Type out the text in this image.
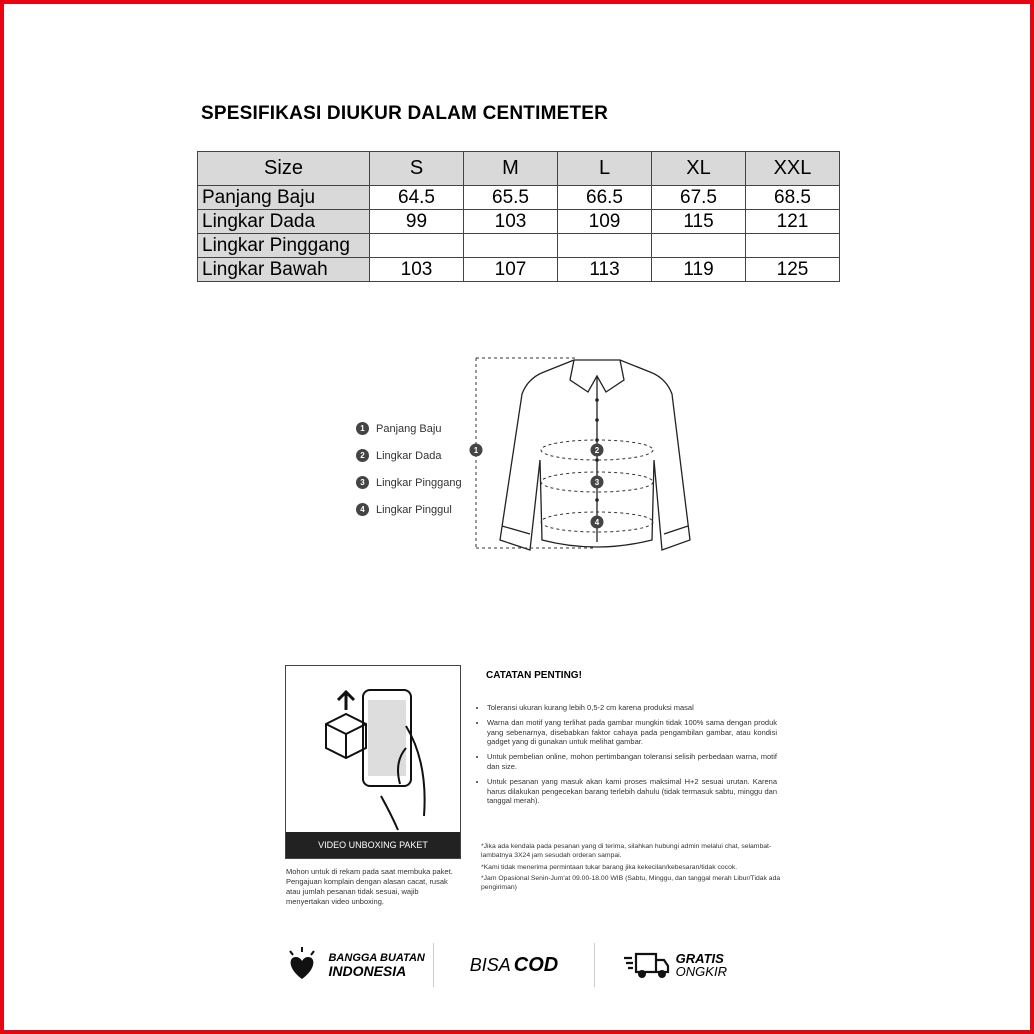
SPESIFIKASI DIUKUR DALAM CENTIMETER
Size	S	M	L	XL	XXL
Panjang Baju	64.5	65.5	66.5	67.5	68.5
Lingkar Dada	99	103	109	115	121
Lingkar Pinggang					
Lingkar Bawah	103	107	113	119	125
1	Panjang Baju
2	Lingkar Dada
3	Lingkar Pinggang
4	Lingkar Pinggul
1	2
3
4
VIDEO UNBOXING PAKET
Mohon untuk di rekam pada saat membuka paket. Pengajuan komplain dengan alasan cacat, rusak atau jumlah pesanan tidak sesuai, wajib menyertakan video unboxing.
CATATAN PENTING!
• Toleransi ukuran kurang lebih 0,5-2 cm karena produksi masal
• Warna dan motif yang terlihat pada gambar mungkin tidak 100% sama dengan produk yang sebenarnya, disebabkan faktor cahaya pada pengambilan gambar, atau kondisi gadget yang di gunakan untuk melihat gambar.
• Untuk pembelian online, mohon pertimbangan toleransi selisih perbedaan warna, motif dan size.
• Untuk pesanan yang masuk akan kami proses maksimal H+2 sesuai urutan. Karena harus dilakukan pengecekan barang terlebih dahulu (tidak termasuk sabtu, minggu dan tanggal merah).

*Jika ada kendala pada pesanan yang di terima, silahkan hubungi admin melalui chat, selambat-lambatnya 3X24 jam sesudah orderan sampai.

*Kami tidak menerima permintaan tukar barang jika kekecilan/kebesaran/tidak cocok.

*Jam Opasional Senin-Jum'at 09.00-18.00 WIB (Sabtu, Minggu, dan tanggal merah Libur/Tidak ada pengiriman)

BANGGA BUATAN
INDONESIA	BISA COD	GRATIS
ONGKIR
